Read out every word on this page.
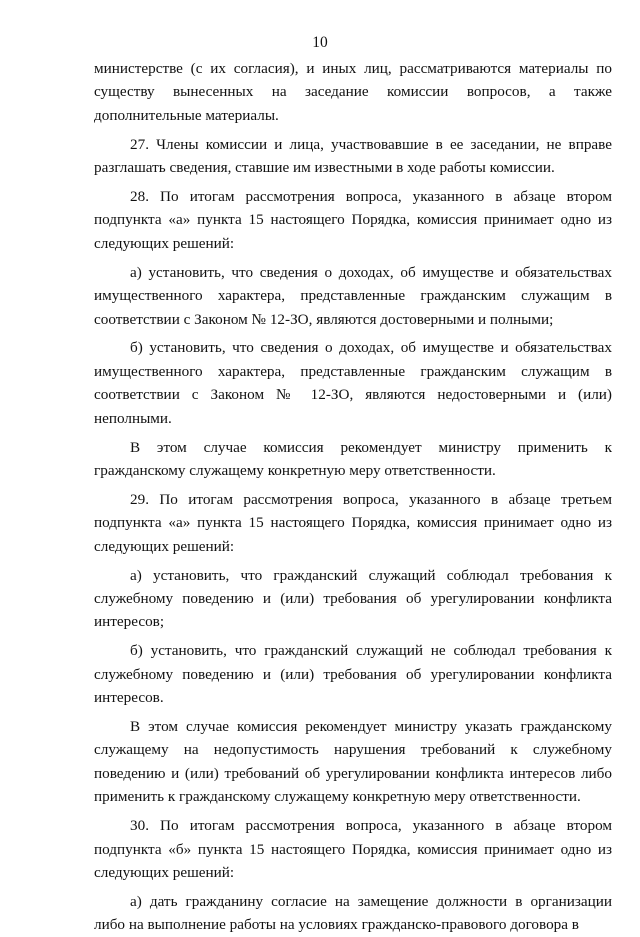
10

министерстве (с их согласия), и иных лиц, рассматриваются материалы по существу вынесенных на заседание комиссии вопросов, а также дополнительные материалы.

27. Члены комиссии и лица, участвовавшие в ее заседании, не вправе разглашать сведения, ставшие им известными в ходе работы комиссии.

28. По итогам рассмотрения вопроса, указанного в абзаце втором подпункта «а» пункта 15 настоящего Порядка, комиссия принимает одно из следующих решений:

а) установить, что сведения о доходах, об имуществе и обязательствах имущественного характера, представленные гражданским служащим в соответствии с Законом № 12-ЗО, являются достоверными и полными;

б) установить, что сведения о доходах, об имуществе и обязательствах имущественного характера, представленные гражданским служащим в соответствии с Законом № 12-ЗО, являются недостоверными и (или) неполными.

В этом случае комиссия рекомендует министру применить к гражданскому служащему конкретную меру ответственности.

29. По итогам рассмотрения вопроса, указанного в абзаце третьем подпункта «а» пункта 15 настоящего Порядка, комиссия принимает одно из следующих решений:

а) установить, что гражданский служащий соблюдал требования к служебному поведению и (или) требования об урегулировании конфликта интересов;

б) установить, что гражданский служащий не соблюдал требования к служебному поведению и (или) требования об урегулировании конфликта интересов.

В этом случае комиссия рекомендует министру указать гражданскому служащему на недопустимость нарушения требований к служебному поведению и (или) требований об урегулировании конфликта интересов либо применить к гражданскому служащему конкретную меру ответственности.

30. По итогам рассмотрения вопроса, указанного в абзаце втором подпункта «б» пункта 15 настоящего Порядка, комиссия принимает одно из следующих решений:

а) дать гражданину согласие на замещение должности в организации либо на выполнение работы на условиях гражданско-правового договора в
